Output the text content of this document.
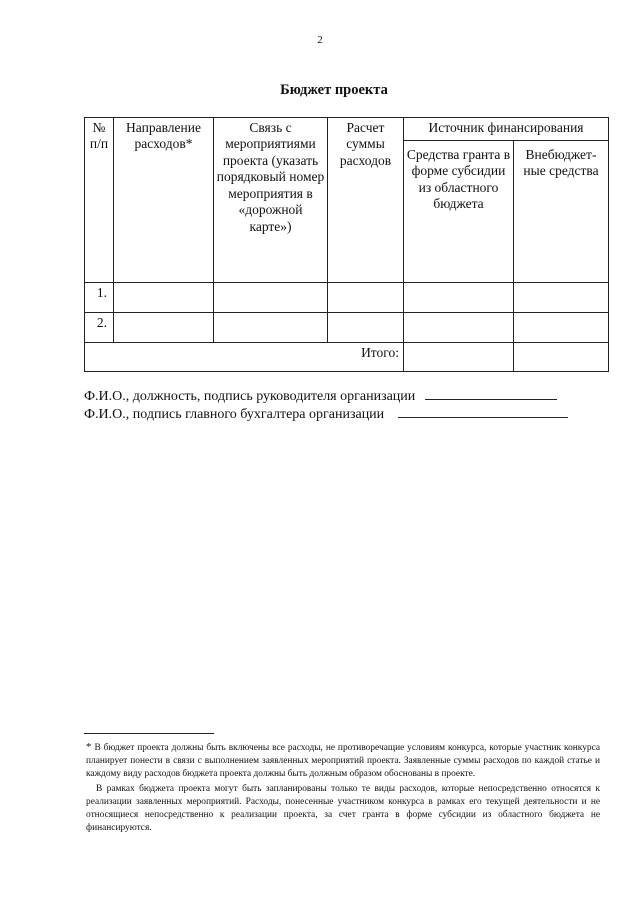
2
Бюджет проекта
№ п/п	Направление расходов*	Связь с мероприятиями проекта (указать порядковый номер мероприятия в «дорожной карте»)	Расчет суммы расходов	Источник финансирования	
				Средства гранта в форме субсидии из областного бюджета	Внебюджет-ные средства
1.					
2.					
Итого:					
Ф.И.О., должность, подпись руководителя организации
Ф.И.О., подпись главного бухгалтера организации

* В бюджет проекта должны быть включены все расходы, не противоречащие условиям конкурса, которые участник конкурса планирует понести в связи с выполнением заявленных мероприятий проекта. Заявленные суммы расходов по каждой статье и каждому виду расходов бюджета проекта должны быть должным образом обоснованы в проекте.

В рамках бюджета проекта могут быть запланированы только те виды расходов, которые непосредственно относятся к реализации заявленных мероприятий. Расходы, понесенные участником конкурса в рамках его текущей деятельности и не относящиеся непосредственно к реализации проекта, за счет гранта в форме субсидии из областного бюджета не финансируются.
